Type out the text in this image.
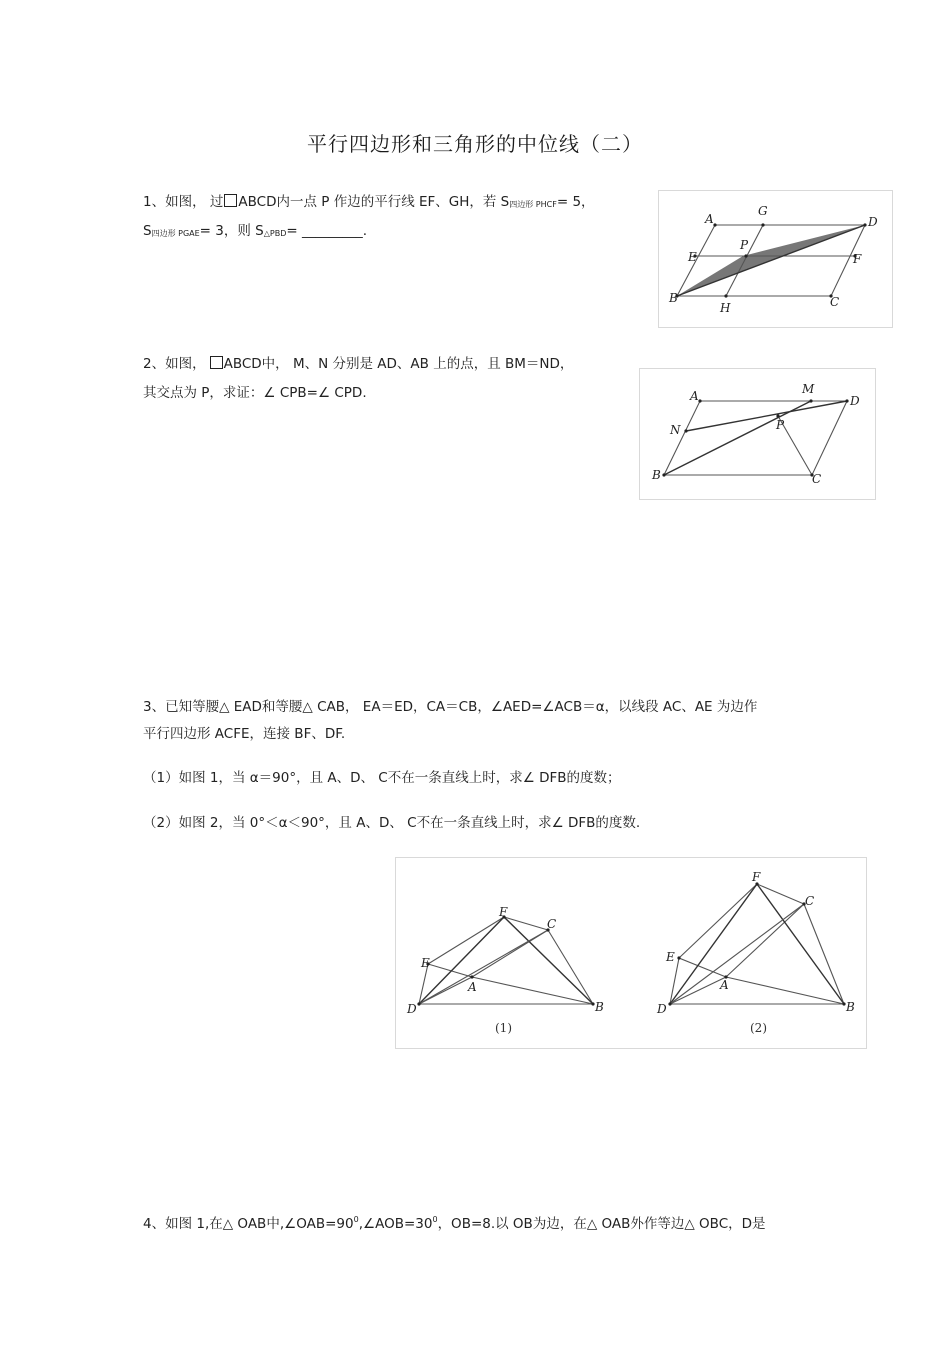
平行四边形和三角形的中位线（二）
1、如图， 过 ABCD内一点 P 作边的平行线 EF、GH，若 $S_{四边形 PHCF}= 5$，
$S_{四边形 PGAE}= 3$，则 $S_{\triangle PBD}=$ _________.
A
G
D
E
P
F
B
H	C
2、如图， ABCD中， M、N 分别是 AD、AB 上的点，且 BM＝ND，
其交点为 P，求证：∠ CPB=∠ CPD.	A	M
D
N	P
B	C
3、已知等腰△ EAD和等腰△ CAB， EA＝ED，CA＝CB，∠AED=∠ACB＝α，以线段 AC、AE 为边作
平行四边形 ACFE，连接 BF、DF.
（1）如图 1，当 α＝90°，且 A、D、 C不在一条直线上时，求∠ DFB的度数；
（2）如图 2，当 0°＜α＜90°，且 A、D、 C不在一条直线上时，求∠ DFB的度数.
F
C
E
A
D	B
(1)
F
C
E
A
D	B
(2)
4、如图 1,在△ OAB中$,\angle OAB=90^0,\angle AOB=30^0$，OB=8.以 OB为边，在△ OAB外作等边△ OBC，D是
